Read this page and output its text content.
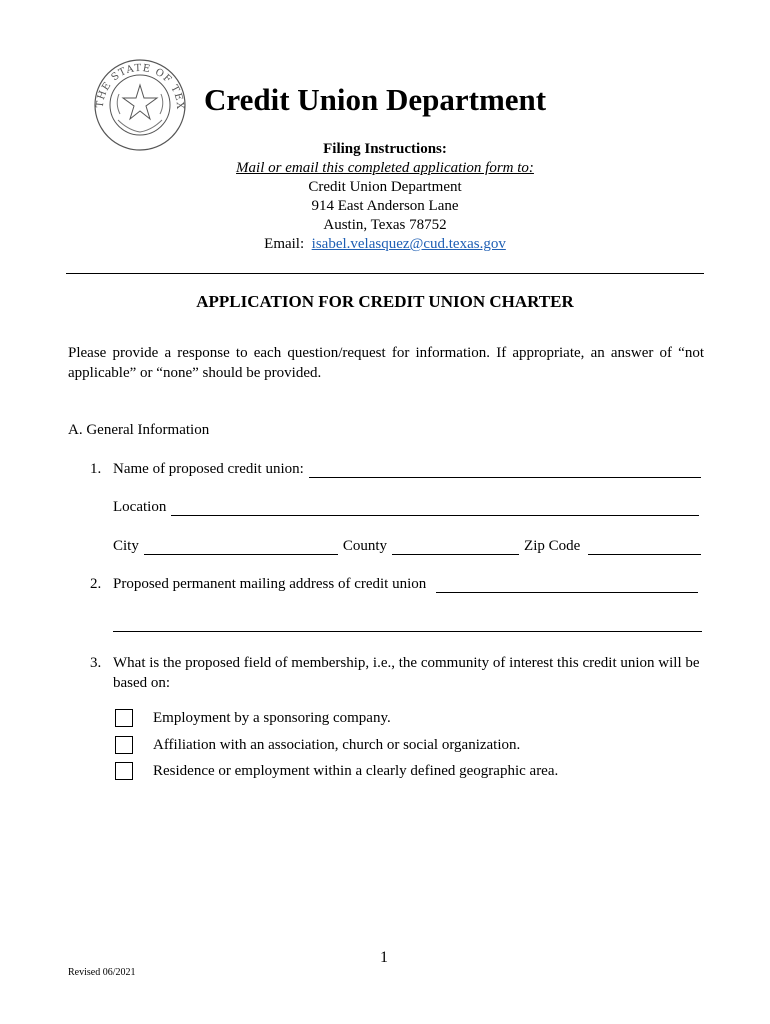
THE STATE OF TEX Credit Union Department
Filing Instructions:
Mail or email this completed application form to:
Credit Union Department
914 East Anderson Lane
Austin, Texas 78752
Email: isabel.velasquez@cud.texas.gov
APPLICATION FOR CREDIT UNION CHARTER
Please provide a response to each question/request for information. If appropriate, an answer of “not applicable” or “none” should be provided.
A. General Information
1. Name of proposed credit union:
Location
City	County	Zip Code
2. Proposed permanent mailing address of credit union
3. What is the proposed field of membership, i.e., the community of interest this credit union will be
based on:
Employment by a sponsoring company.
Affiliation with an association, church or social organization.
Residence or employment within a clearly defined geographic area.
1
Revised 06/2021
